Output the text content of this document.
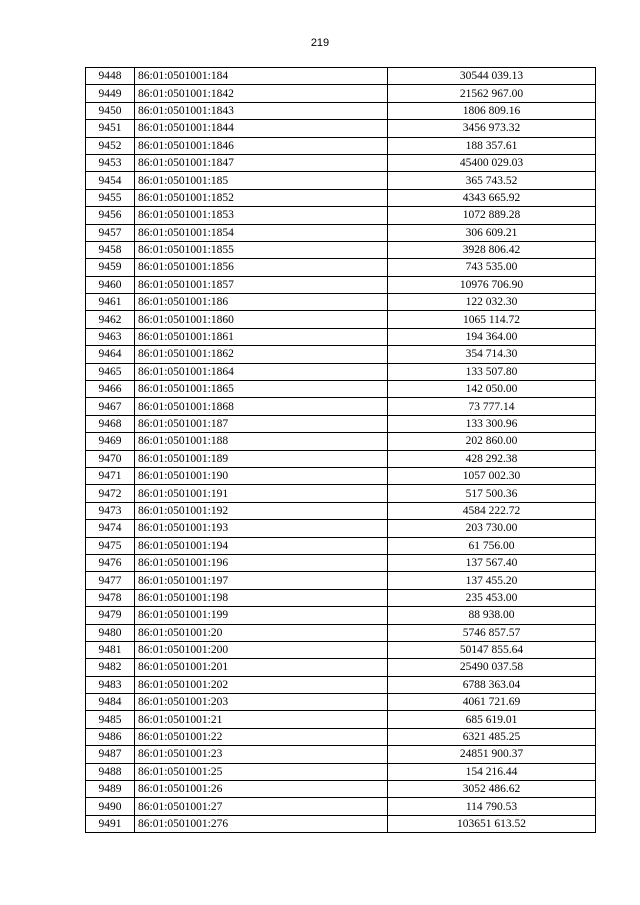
219
9448	86:01:0501001:184	30544 039.13
9449	86:01:0501001:1842	21562 967.00
9450	86:01:0501001:1843	1806 809.16
9451	86:01:0501001:1844	3456 973.32
9452	86:01:0501001:1846	188 357.61
9453	86:01:0501001:1847	45400 029.03
9454	86:01:0501001:185	365 743.52
9455	86:01:0501001:1852	4343 665.92
9456	86:01:0501001:1853	1072 889.28
9457	86:01:0501001:1854	306 609.21
9458	86:01:0501001:1855	3928 806.42
9459	86:01:0501001:1856	743 535.00
9460	86:01:0501001:1857	10976 706.90
9461	86:01:0501001:186	122 032.30
9462	86:01:0501001:1860	1065 114.72
9463	86:01:0501001:1861	194 364.00
9464	86:01:0501001:1862	354 714.30
9465	86:01:0501001:1864	133 507.80
9466	86:01:0501001:1865	142 050.00
9467	86:01:0501001:1868	73 777.14
9468	86:01:0501001:187	133 300.96
9469	86:01:0501001:188	202 860.00
9470	86:01:0501001:189	428 292.38
9471	86:01:0501001:190	1057 002.30
9472	86:01:0501001:191	517 500.36
9473	86:01:0501001:192	4584 222.72
9474	86:01:0501001:193	203 730.00
9475	86:01:0501001:194	61 756.00
9476	86:01:0501001:196	137 567.40
9477	86:01:0501001:197	137 455.20
9478	86:01:0501001:198	235 453.00
9479	86:01:0501001:199	88 938.00
9480	86:01:0501001:20	5746 857.57
9481	86:01:0501001:200	50147 855.64
9482	86:01:0501001:201	25490 037.58
9483	86:01:0501001:202	6788 363.04
9484	86:01:0501001:203	4061 721.69
9485	86:01:0501001:21	685 619.01
9486	86:01:0501001:22	6321 485.25
9487	86:01:0501001:23	24851 900.37
9488	86:01:0501001:25	154 216.44
9489	86:01:0501001:26	3052 486.62
9490	86:01:0501001:27	114 790.53
9491	86:01:0501001:276	103651 613.52
